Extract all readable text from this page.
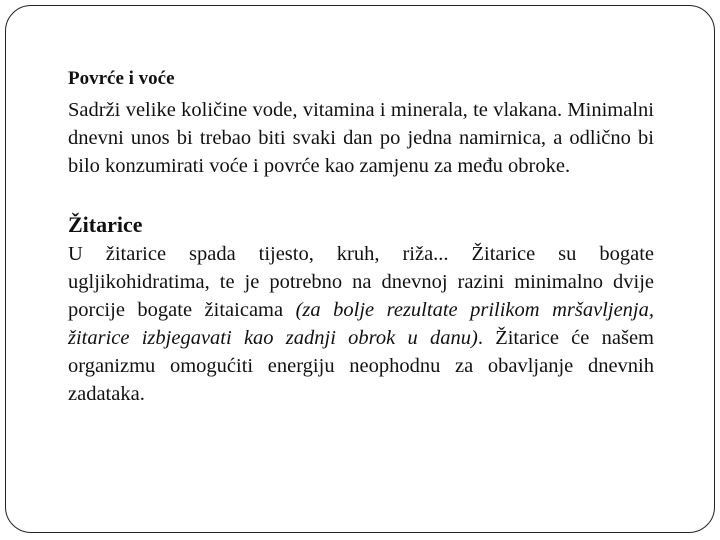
Povrće i voće

Sadrži velike količine vode, vitamina i minerala, te vlakana. Minimalni dnevni unos bi trebao biti svaki dan po jedna namirnica, a odlično bi bilo konzumirati voće i povrće kao zamjenu za među obroke.

Žitarice

U žitarice spada tijesto, kruh, riža... Žitarice su bogate ugljikohidratima, te je potrebno na dnevnoj razini minimalno dvije porcije bogate žitaicama (za bolje rezultate prilikom mršavljenja, žitarice izbjegavati kao zadnji obrok u danu). Žitarice će našem organizmu omogućiti energiju neophodnu za obavljanje dnevnih zadataka.
